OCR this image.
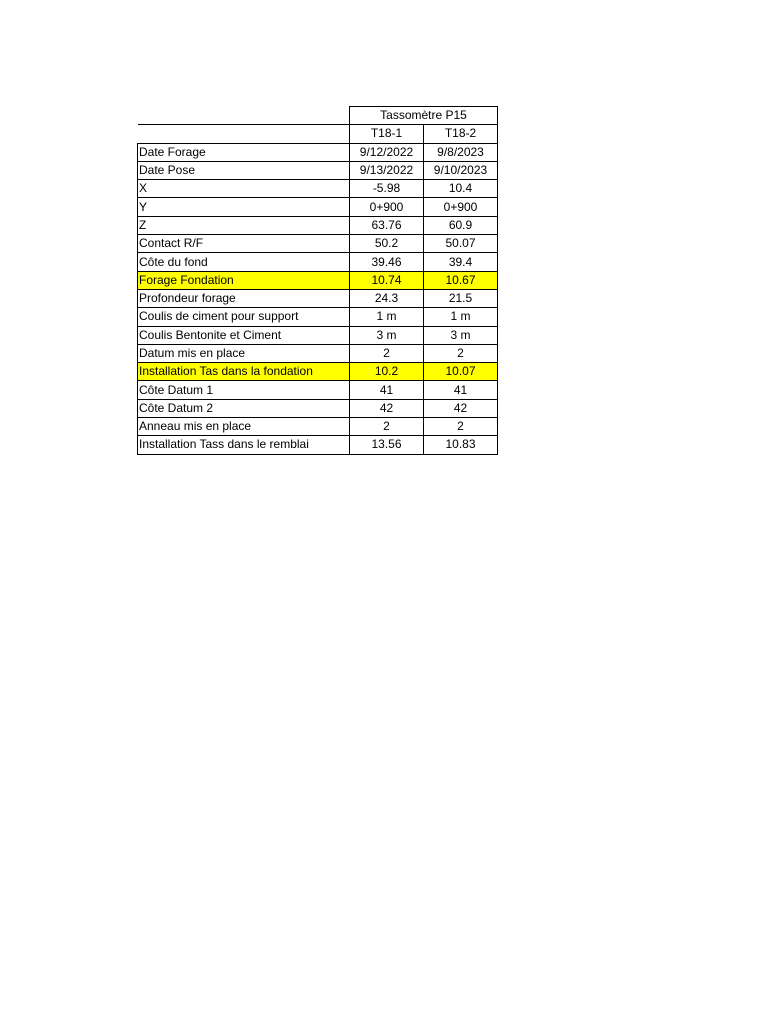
	Tassomètre P15	
	T18-1	T18-2
Date Forage	9/12/2022	9/8/2023
Date Pose	9/13/2022	9/10/2023
X	-5.98	10.4
Y	0+900	0+900
Z	63.76	60.9
Contact R/F	50.2	50.07
Côte du fond	39.46	39.4
Forage Fondation	10.74	10.67
Profondeur forage	24.3	21.5
Coulis de ciment pour support	1 m	1 m
Coulis Bentonite et Ciment	3 m	3 m
Datum mis en place	2	2
Installation Tas dans la fondation	10.2	10.07
Côte Datum 1	41	41
Côte Datum 2	42	42
Anneau mis en place	2	2
Installation Tass dans le remblai	13.56	10.83
